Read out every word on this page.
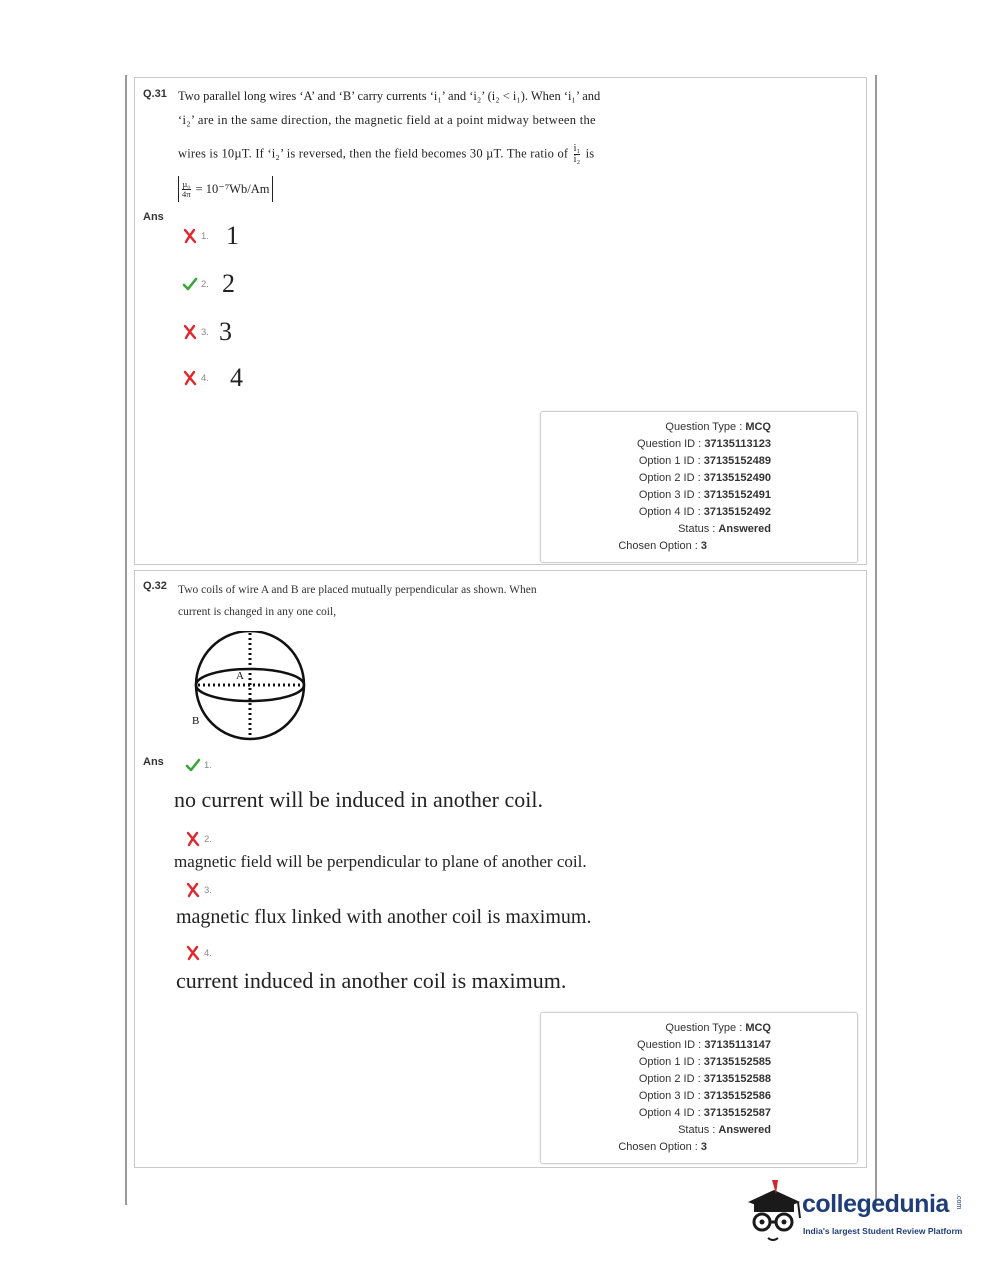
Q.31 Two parallel long wires ‘A’ and ‘B’ carry currents ‘i₁’ and ‘i₂’ (i₂ < i₁). When ‘i₁’ and
‘i₂’ are in the same direction, the magnetic field at a point midway between the
wires is 10µT. If ‘i₂’ is reversed, then the field becomes 30 µT. The ratio of $\frac{\text{i₁}}{\text{i₂}}$ is
µ₀
4π = 10⁻⁷Wb/Am
Ans
1. 1
2. 2
3. 3
4. 4
Question Type : MCQ
Question ID : 37135113123
Option 1 ID : 37135152489
Option 2 ID : 37135152490
Option 3 ID : 37135152491
Option 4 ID : 37135152492
Status : Answered
Chosen Option : 3
Q.32 Two coils of wire A and B are placed mutually perpendicular as shown. When
current is changed in any one coil,
A
B
Ans	1.
no current will be induced in another coil.
2.
magnetic field will be perpendicular to plane of another coil.
3.
magnetic flux linked with another coil is maximum.
4.
current induced in another coil is maximum.
Question Type : MCQ
Question ID : 37135113147
Option 1 ID : 37135152585
Option 2 ID : 37135152588
Option 3 ID : 37135152586
Option 4 ID : 37135152587
Status : Answered
Chosen Option : 3
collegedunia .com
India's largest Student Review Platform
